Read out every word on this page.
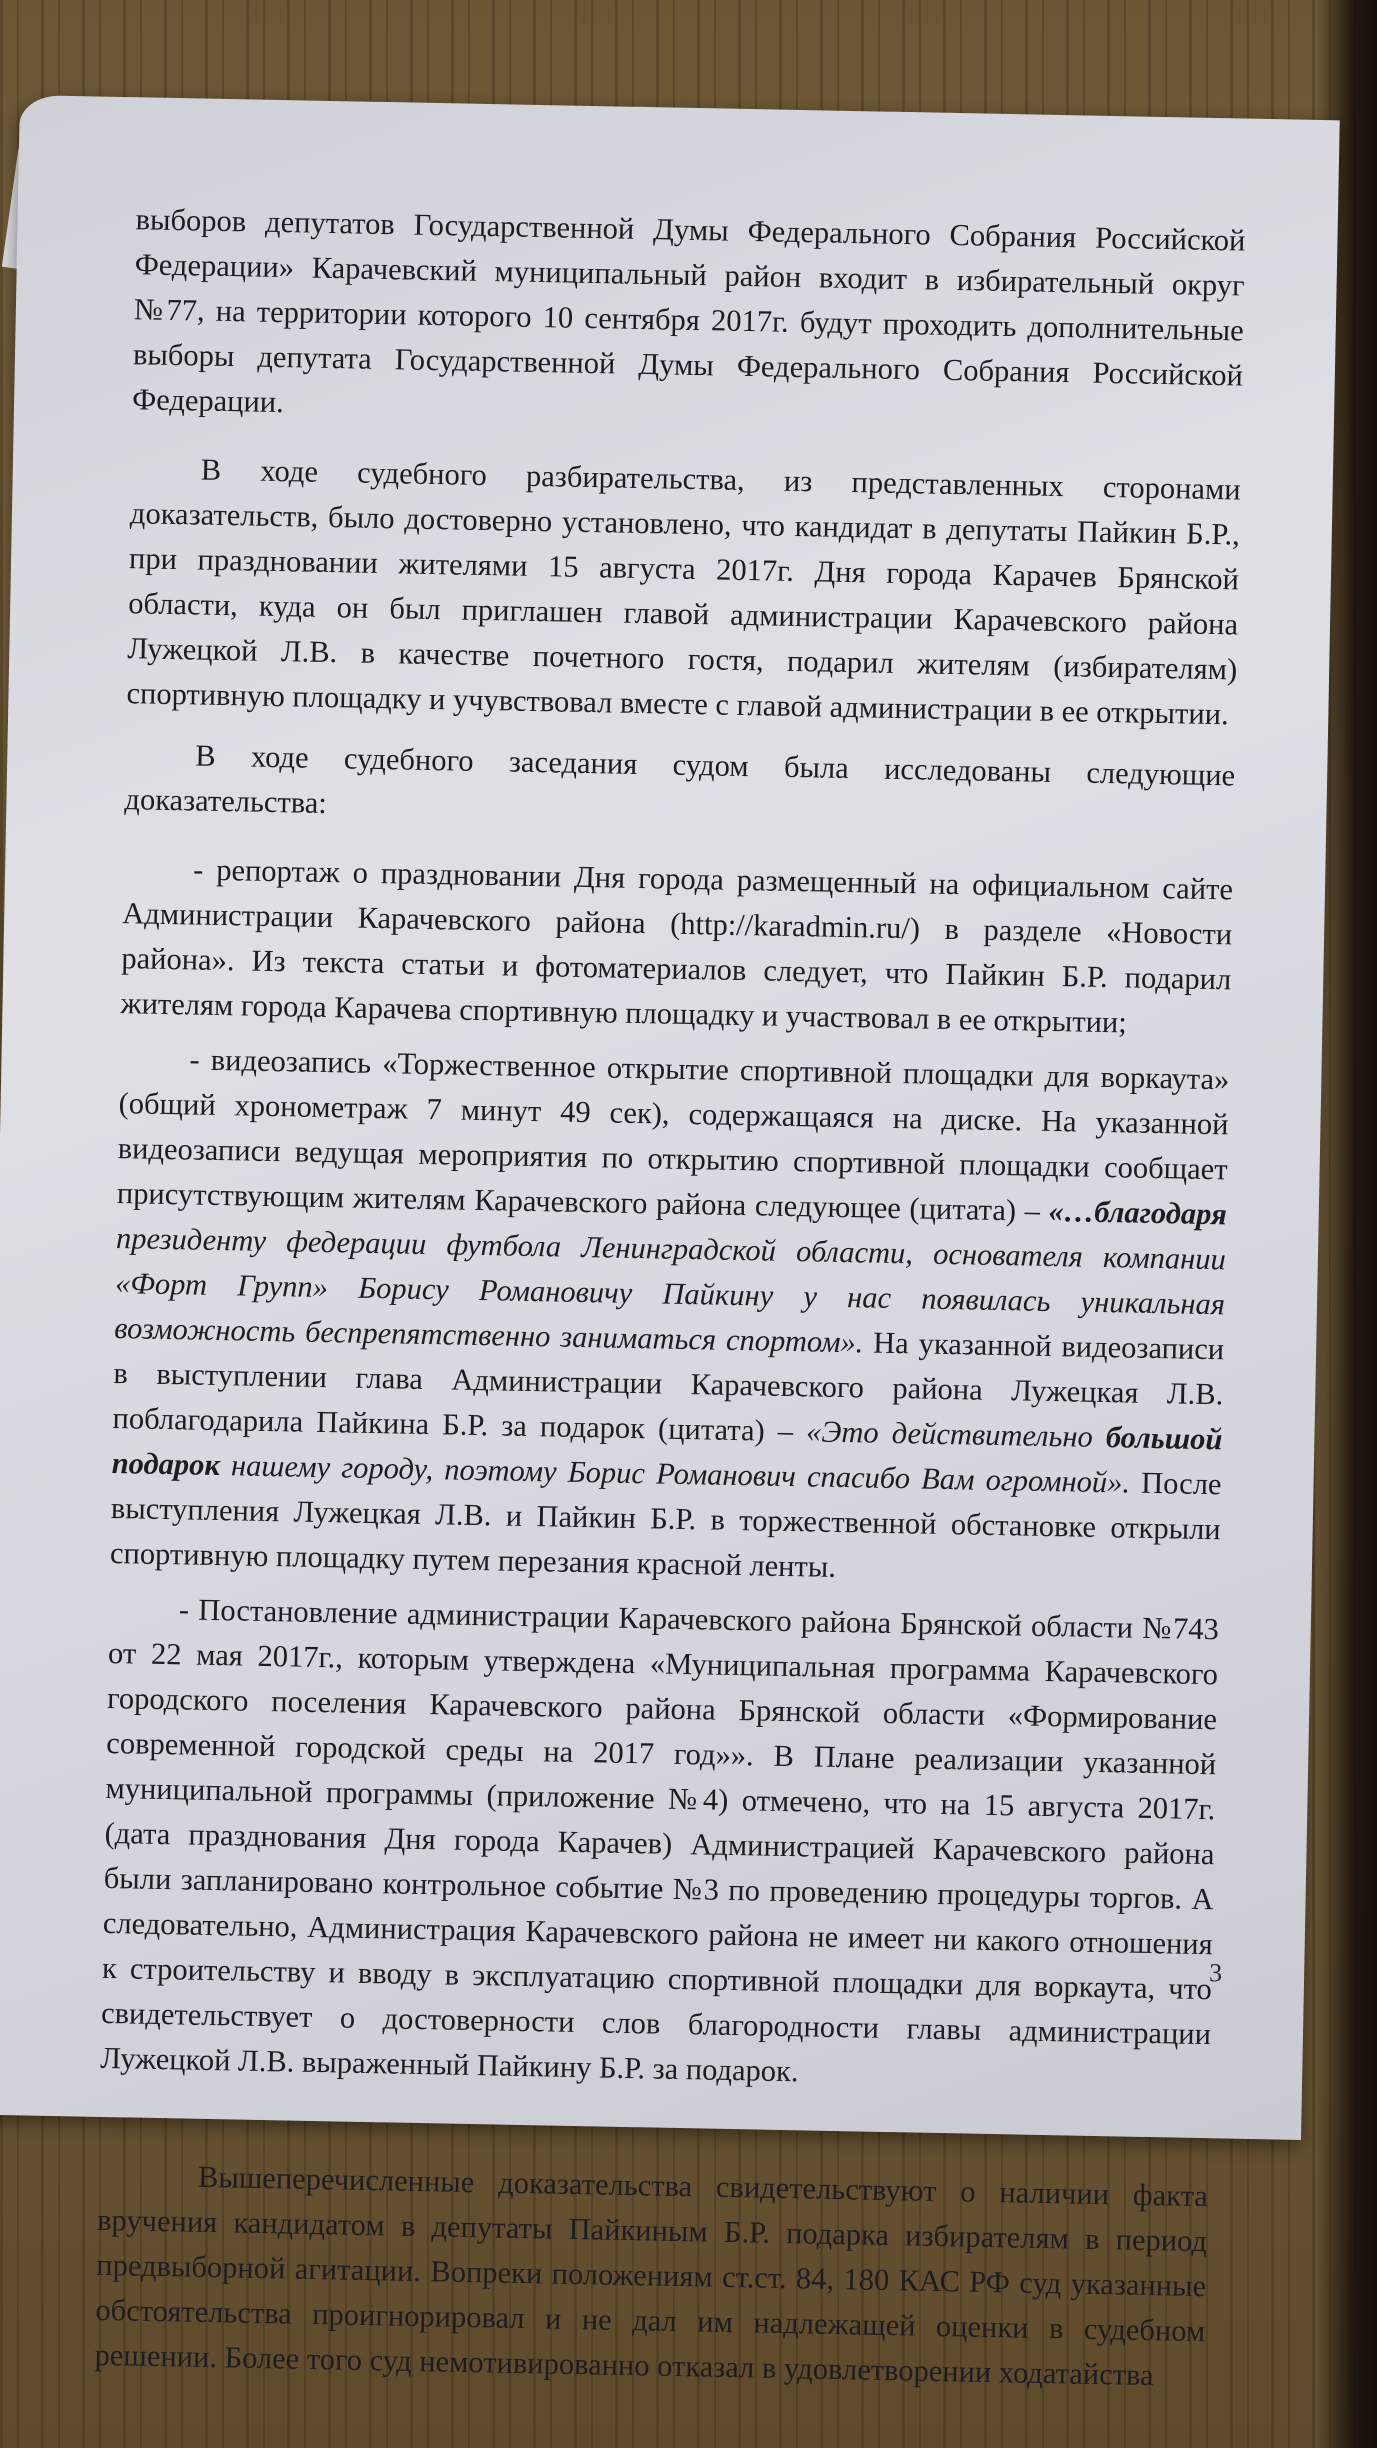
выборов депутатов Государственной Думы Федерального Собрания Российской Федерации» Карачевский муниципальный район входит в избирательный округ №77, на территории которого 10 сентября 2017г. будут проходить дополнительные выборы депутата Государственной Думы Федерального Собрания Российской Федерации.

В ходе судебного разбирательства, из представленных сторонами доказательств, было достоверно установлено, что кандидат в депутаты Пайкин Б.Р., при праздновании жителями 15 августа 2017г. Дня города Карачев Брянской области, куда он был приглашен главой администрации Карачевского района Лужецкой Л.В. в качестве почетного гостя, подарил жителям (избирателям) спортивную площадку и учувствовал вместе с главой администрации в ее открытии.

В ходе судебного заседания судом была исследованы следующие доказательства:

- репортаж о праздновании Дня города размещенный на официальном сайте Администрации Карачевского района (http://karadmin.ru/) в разделе «Новости района». Из текста статьи и фотоматериалов следует, что Пайкин Б.Р. подарил жителям города Карачева спортивную площадку и участвовал в ее открытии;

- видеозапись «Торжественное открытие спортивной площадки для воркаута» (общий хронометраж 7 минут 49 сек), содержащаяся на диске. На указанной видеозаписи ведущая мероприятия по открытию спортивной площадки сообщает присутствующим жителям Карачевского района следующее (цитата) – «…благодаря президенту федерации футбола Ленинградской области, основателя компании «Форт Групп» Борису Романовичу Пайкину у нас появилась уникальная возможность беспрепятственно заниматься спортом». На указанной видеозаписи в выступлении глава Администрации Карачевского района Лужецкая Л.В. поблагодарила Пайкина Б.Р. за подарок (цитата) – «Это действительно большой подарок нашему городу, поэтому Борис Романович спасибо Вам огромной». После выступления Лужецкая Л.В. и Пайкин Б.Р. в торжественной обстановке открыли спортивную площадку путем перезания красной ленты.

- Постановление администрации Карачевского района Брянской области №743 от 22 мая 2017г., которым утверждена «Муниципальная программа Карачевского городского поселения Карачевского района Брянской области «Формирование современной городской среды на 2017 год»». В Плане реализации указанной муниципальной программы (приложение №4) отмечено, что на 15 августа 2017г. (дата празднования Дня города Карачев) Администрацией Карачевского района были запланировано контрольное событие №3 по проведению процедуры торгов. А следовательно, Администрация Карачевского района не имеет ни какого отношения к строительству и вводу в эксплуатацию спортивной площадки для воркаута, что свидетельствует о достоверности слов благородности главы администрации Лужецкой Л.В. выраженный Пайкину Б.Р. за подарок.

Вышеперечисленные доказательства свидетельствуют о наличии факта вручения кандидатом в депутаты Пайкиным Б.Р. подарка избирателям в период предвыборной агитации. Вопреки положениям ст.ст. 84, 180 КАС РФ суд указанные обстоятельства проигнорировал и не дал им надлежащей оценки в судебном решении. Более того суд немотивированно отказал в удовлетворении ходатайства

3
